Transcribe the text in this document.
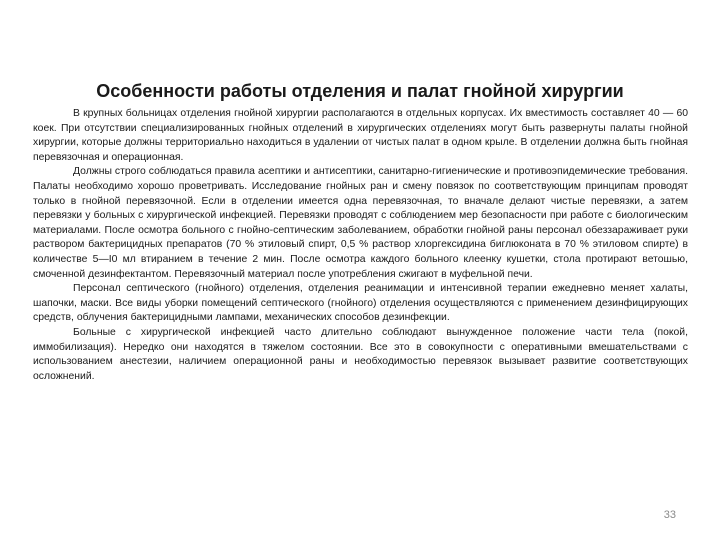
Особенности работы отделения и палат гнойной хирургии

В крупных больницах отделения гнойной хирургии располагаются в отдельных корпусах. Их вместимость составляет 40 — 60 коек. При отсутствии специализированных гнойных отделений в хирургических отделениях могут быть развернуты палаты гнойной хирургии, которые должны территориально находиться в удалении от чистых палат в одном крыле. В отделении должна быть гнойная перевязочная и операционная.

Должны строго соблюдаться правила асептики и антисептики, санитарно-гигиенические и противоэпидемические требования. Палаты необходимо хорошо проветривать. Исследование гнойных ран и смену повязок по соответствующим принципам проводят только в гнойной перевязочной. Если в отделении имеется одна перевязочная, то вначале делают чистые перевязки, а затем перевязки у больных с хирургической инфекцией. Перевязки проводят с соблюдением мер безопасности при работе с биологическим материалами. После осмотра больного с гнойно-септическим заболеванием, обработки гнойной раны персонал обеззараживает руки раствором бактерицидных препаратов (70 % этиловый спирт, 0,5 % раствор хлоргексидина биглюконата в 70 % этиловом спирте) в количестве 5—I0 мл втиранием в течение 2 мин. После осмотра каждого больного клеенку кушетки, стола протирают ветошью, смоченной дезинфектантом. Перевязочный материал после употребления сжигают в муфельной печи.

Персонал септического (гнойного) отделения, отделения реанимации и интенсивной терапии ежедневно меняет халаты, шапочки, маски. Все виды уборки помещений септического (гнойного) отделения осуществляются с применением дезинфицирующих средств, облучения бактерицидными лампами, механических способов дезинфекции.

Больные с хирургической инфекцией часто длительно соблюдают вынужденное положение части тела (покой, иммобилизация). Нередко они находятся в тяжелом состоянии. Все это в совокупности с оперативными вмешательствами с использованием анестезии, наличием операционной раны и необходимостью перевязок вызывает развитие соответствующих осложнений.

33
